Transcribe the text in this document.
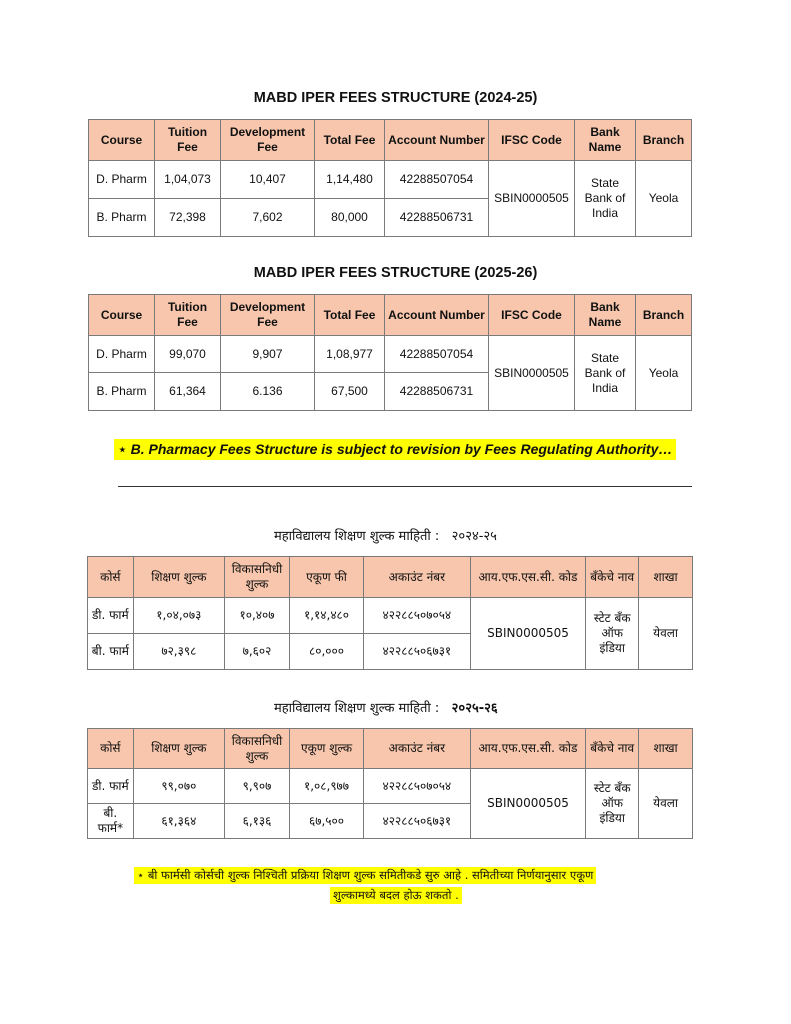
MABD IPER FEES STRUCTURE (2024-25)
Course	Tuition Fee	Development Fee	Total Fee	Account Number	IFSC Code	Bank Name	Branch
D. Pharm	1,04,073	10,407	1,14,480	42288507054	SBIN0000505	State Bank of India	Yeola
B. Pharm	72,398	7,602	80,000	42288506731			
MABD IPER FEES STRUCTURE (2025-26)
Course	Tuition Fee	Development Fee	Total Fee	Account Number	IFSC Code	Bank Name	Branch
D. Pharm	99,070	9,907	1,08,977	42288507054	SBIN0000505	State Bank of India	Yeola
B. Pharm	61,364	6.136	67,500	42288506731			
⋆ B. Pharmacy Fees Structure is subject to revision by Fees Regulating Authority…
महाविद्यालय शिक्षण शुल्क माहिती : २०२४-२५
कोर्स	शिक्षण शुल्क	विकासनिधी शुल्क	एकूण फी	अकाउंट नंबर	आय.एफ.एस.सी. कोड	बँकेचे नाव	शाखा
डी. फार्म	१,०४,०७३	१०,४०७	१,१४,४८०	४२२८८५०७०५४	SBIN0000505	स्टेट बँक ऑफ इंडिया	येवला
बी. फार्म	७२,३९८	७,६०२	८०,०००	४२२८८५०६७३१			
महाविद्यालय शिक्षण शुल्क माहिती : २०२५-२६
कोर्स	शिक्षण शुल्क	विकासनिधी शुल्क	एकूण शुल्क	अकाउंट नंबर	आय.एफ.एस.सी. कोड	बँकेचे नाव	शाखा
डी. फार्म	९९,०७०	९,९०७	१,०८,९७७	४२२८८५०७०५४	SBIN0000505	स्टेट बँक ऑफ इंडिया	येवला
बी. फार्म*	६१,३६४	६,१३६	६७,५००	४२२८८५०६७३१			
⋆ बी फार्मसी कोर्सची शुल्क निश्चिती प्रक्रिया शिक्षण शुल्क समितीकडे सुरु आहे . समितीच्या निर्णयानुसार एकूण
शुल्कामध्ये बदल होऊ शकतो .
